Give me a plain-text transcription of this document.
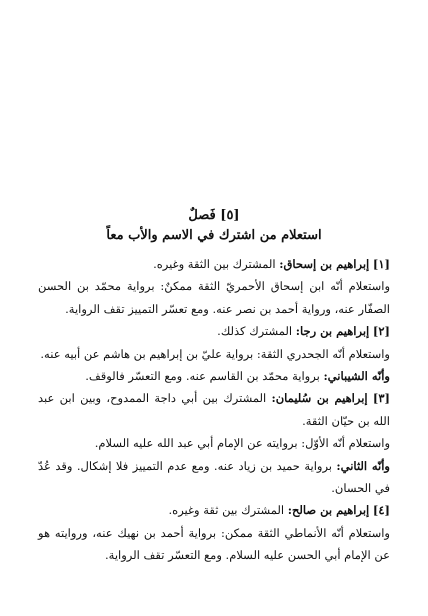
[٥] فَصلٌ
استعلام من اشترك في الاسم والأب معاً

[١] إبراهيم بن إسحاق: المشترك بين الثقة وغيره.

واستعلام أنّه ابن إسحاق الأحمريّ الثقة ممكنٌ: برواية محمّد بن الحسن الصفّار عنه، ورواية أحمد بن نصر عنه. ومع تعسّر التمييز تقف الرواية.

[٢] إبراهيم بن رجا: المشترك كذلك.

واستعلام أنّه الجحدري الثقة: برواية عليّ بن إبراهيم بن هاشم عن أبيه عنه.

وأنّه الشيباني: برواية محمّد بن القاسم عنه. ومع التعسّر فالوقف.

[٣] إبراهيم بن سُليمان: المشترك بين أبي داجة الممدوح، وبين ابن عبد الله بن حيّان الثقة.

واستعلام أنّه الأوّل: بروايته عن الإمام أبي عبد الله عليه السلام.

وأنّه الثاني: برواية حميد بن زياد عنه. ومع عدم التمييز فلا إشكال. وقد عُدّ في الحسان.

[٤] إبراهيم بن صالح: المشترك بين ثقة وغيره.

واستعلام أنّه الأنماطي الثقة ممكن: برواية أحمد بن نهيك عنه، وروايته هو عن الإمام أبي الحسن عليه السلام. ومع التعسّر تقف الرواية.
